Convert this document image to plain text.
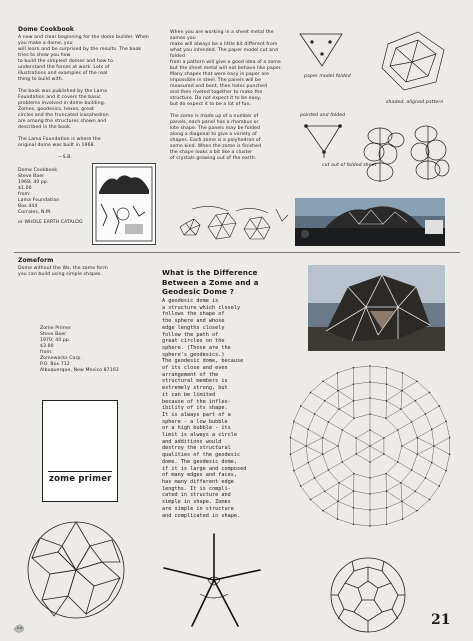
Dome Cookbook
A new and clear beginning for the dome builder. When you make a dome, you
will learn and be surprised by the results. The book tries to show you how
to build the simplest domes and how to
understand the forces at work. Lots of
illustrations and examples of the real
thing to build with.

The book was published by the Lama
Foundation and it covers the basic
problems involved in dome building.
Zomes, geodesics, hexes, great
circles and the truncated icosahedron
are among the structures shown and
described in the book.

The Lama Foundation is where the
original dome was built in 1968.
—S.B.
Dome Cookbook
Steve Baer
1968; 40 pp.
$1.00
from:
Lama Foundation
Box 444
Corrales, N.M.
or WHOLE EARTH CATALOG
When you are working in a sheet metal the zomes you
make will always be a little bit different from
what you intended. The paper model cut and folded
from a pattern will give a good idea of a zome
but the sheet metal will not behave like paper.
Many shapes that were easy in paper are
impossible in steel. The panels will be
measured and bent, then holes punched
and then riveted together to make the
structure. Do not expect it to be easy,
but do expect it to be a lot of fun.

The zome is made up of a number of
panels, each panel has a rhombus or
kite shape. The panels may be folded
along a diagonal to give a variety of
shapes. Each zome is a polyhedron of
some kind. When the zome is finished
the shape looks a bit like a cluster
of crystals growing out of the earth.
paper model folded
shaded, aligned pattern
pointed and folded
cut out of folded sheet
Zomeform
Dome without the Ws, the zome form
you can build using simple shapes.
Zome Primer
Steve Baer
1970; 40 pp.
$3.00
from:
Zomeworks Corp.
P.O. Box 712
Albuquerque, New Mexico 87103
zome primer
What is the Difference
Between a Zome and a
Geodesic Dome ?
A geodesic dome is
a structure which closely
follows the shape of
the sphere and whose
edge lengths closely
follow the path of
great circles on the
sphere. (Those are the
sphere's geodesics.)
The geodesic dome, because
of its close and even
arrangement of the
structural members is
extremely strong, but
it can be limited
because of the inflex-
ibility of its shape.
It is always part of a
sphere - a low bubble
or a high bubble - its
limit is always a circle
and additions would
destroy the structural
qualities of the geodesic
dome. The geodesic dome,
if it is large and composed
of many edges and faces,
has many different edge
lengths. It is compli-
cated in structure and
simple in shape. Zomes
are simple in structure
and complicated in shape.
21
